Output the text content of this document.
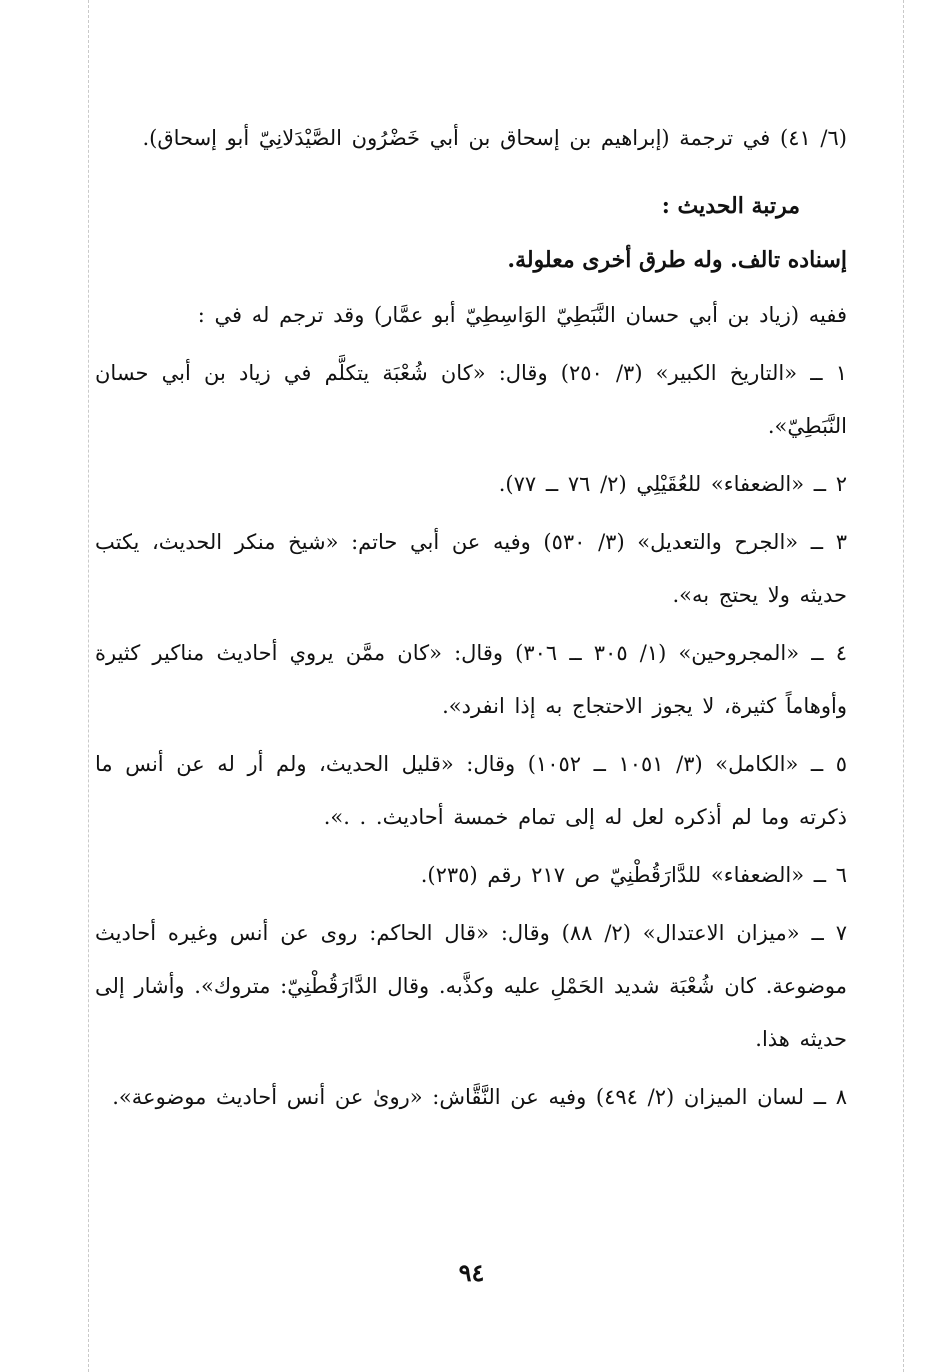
(٦/ ٤١) في ترجمة (إبراهيم بن إسحاق بن أبي خَضْرُون الصَّيْدَلانِيّ أبو إسحاق).

مرتبة الحديث :

إسناده تالف. وله طرق أخرى معلولة.

ففيه (زياد بن أبي حسان النَّبَطِيّ الوَاسِطِيّ أبو عمَّار) وقد ترجم له في :

١ ــ «التاريخ الكبير» (٣/ ٢٥٠) وقال: «كان شُعْبَة يتكلَّم في زياد بن أبي حسان النَّبَطِيّ».

٢ ــ «الضعفاء» للعُقَيْلِي (٢/ ٧٦ ــ ٧٧).

٣ ــ «الجرح والتعديل» (٣/ ٥٣٠) وفيه عن أبي حاتم: «شيخ منكر الحديث، يكتب حديثه ولا يحتج به».

٤ ــ «المجروحين» (١/ ٣٠٥ ــ ٣٠٦) وقال: «كان ممَّن يروي أحاديث مناكير كثيرة وأوهاماً كثيرة، لا يجوز الاحتجاج به إذا انفرد».

٥ ــ «الكامل» (٣/ ١٠٥١ ــ ١٠٥٢) وقال: «قليل الحديث، ولم أر له عن أنس ما ذكرته وما لم أذكره لعل له إلى تمام خمسة أحاديث. . .».

٦ ــ «الضعفاء» للدَّارَقُطْنِيّ ص ٢١٧ رقم (٢٣٥).

٧ ــ «ميزان الاعتدال» (٢/ ٨٨) وقال: «قال الحاكم: روى عن أنس وغيره أحاديث موضوعة. كان شُعْبَة شديد الحَمْلِ عليه وكذَّبه. وقال الدَّارَقُطْنِيّ: متروك». وأشار إلى حديثه هذا.

٨ ــ لسان الميزان (٢/ ٤٩٤) وفيه عن النَّقَّاش: «روىٰ عن أنس أحاديث موضوعة».

٩٤
